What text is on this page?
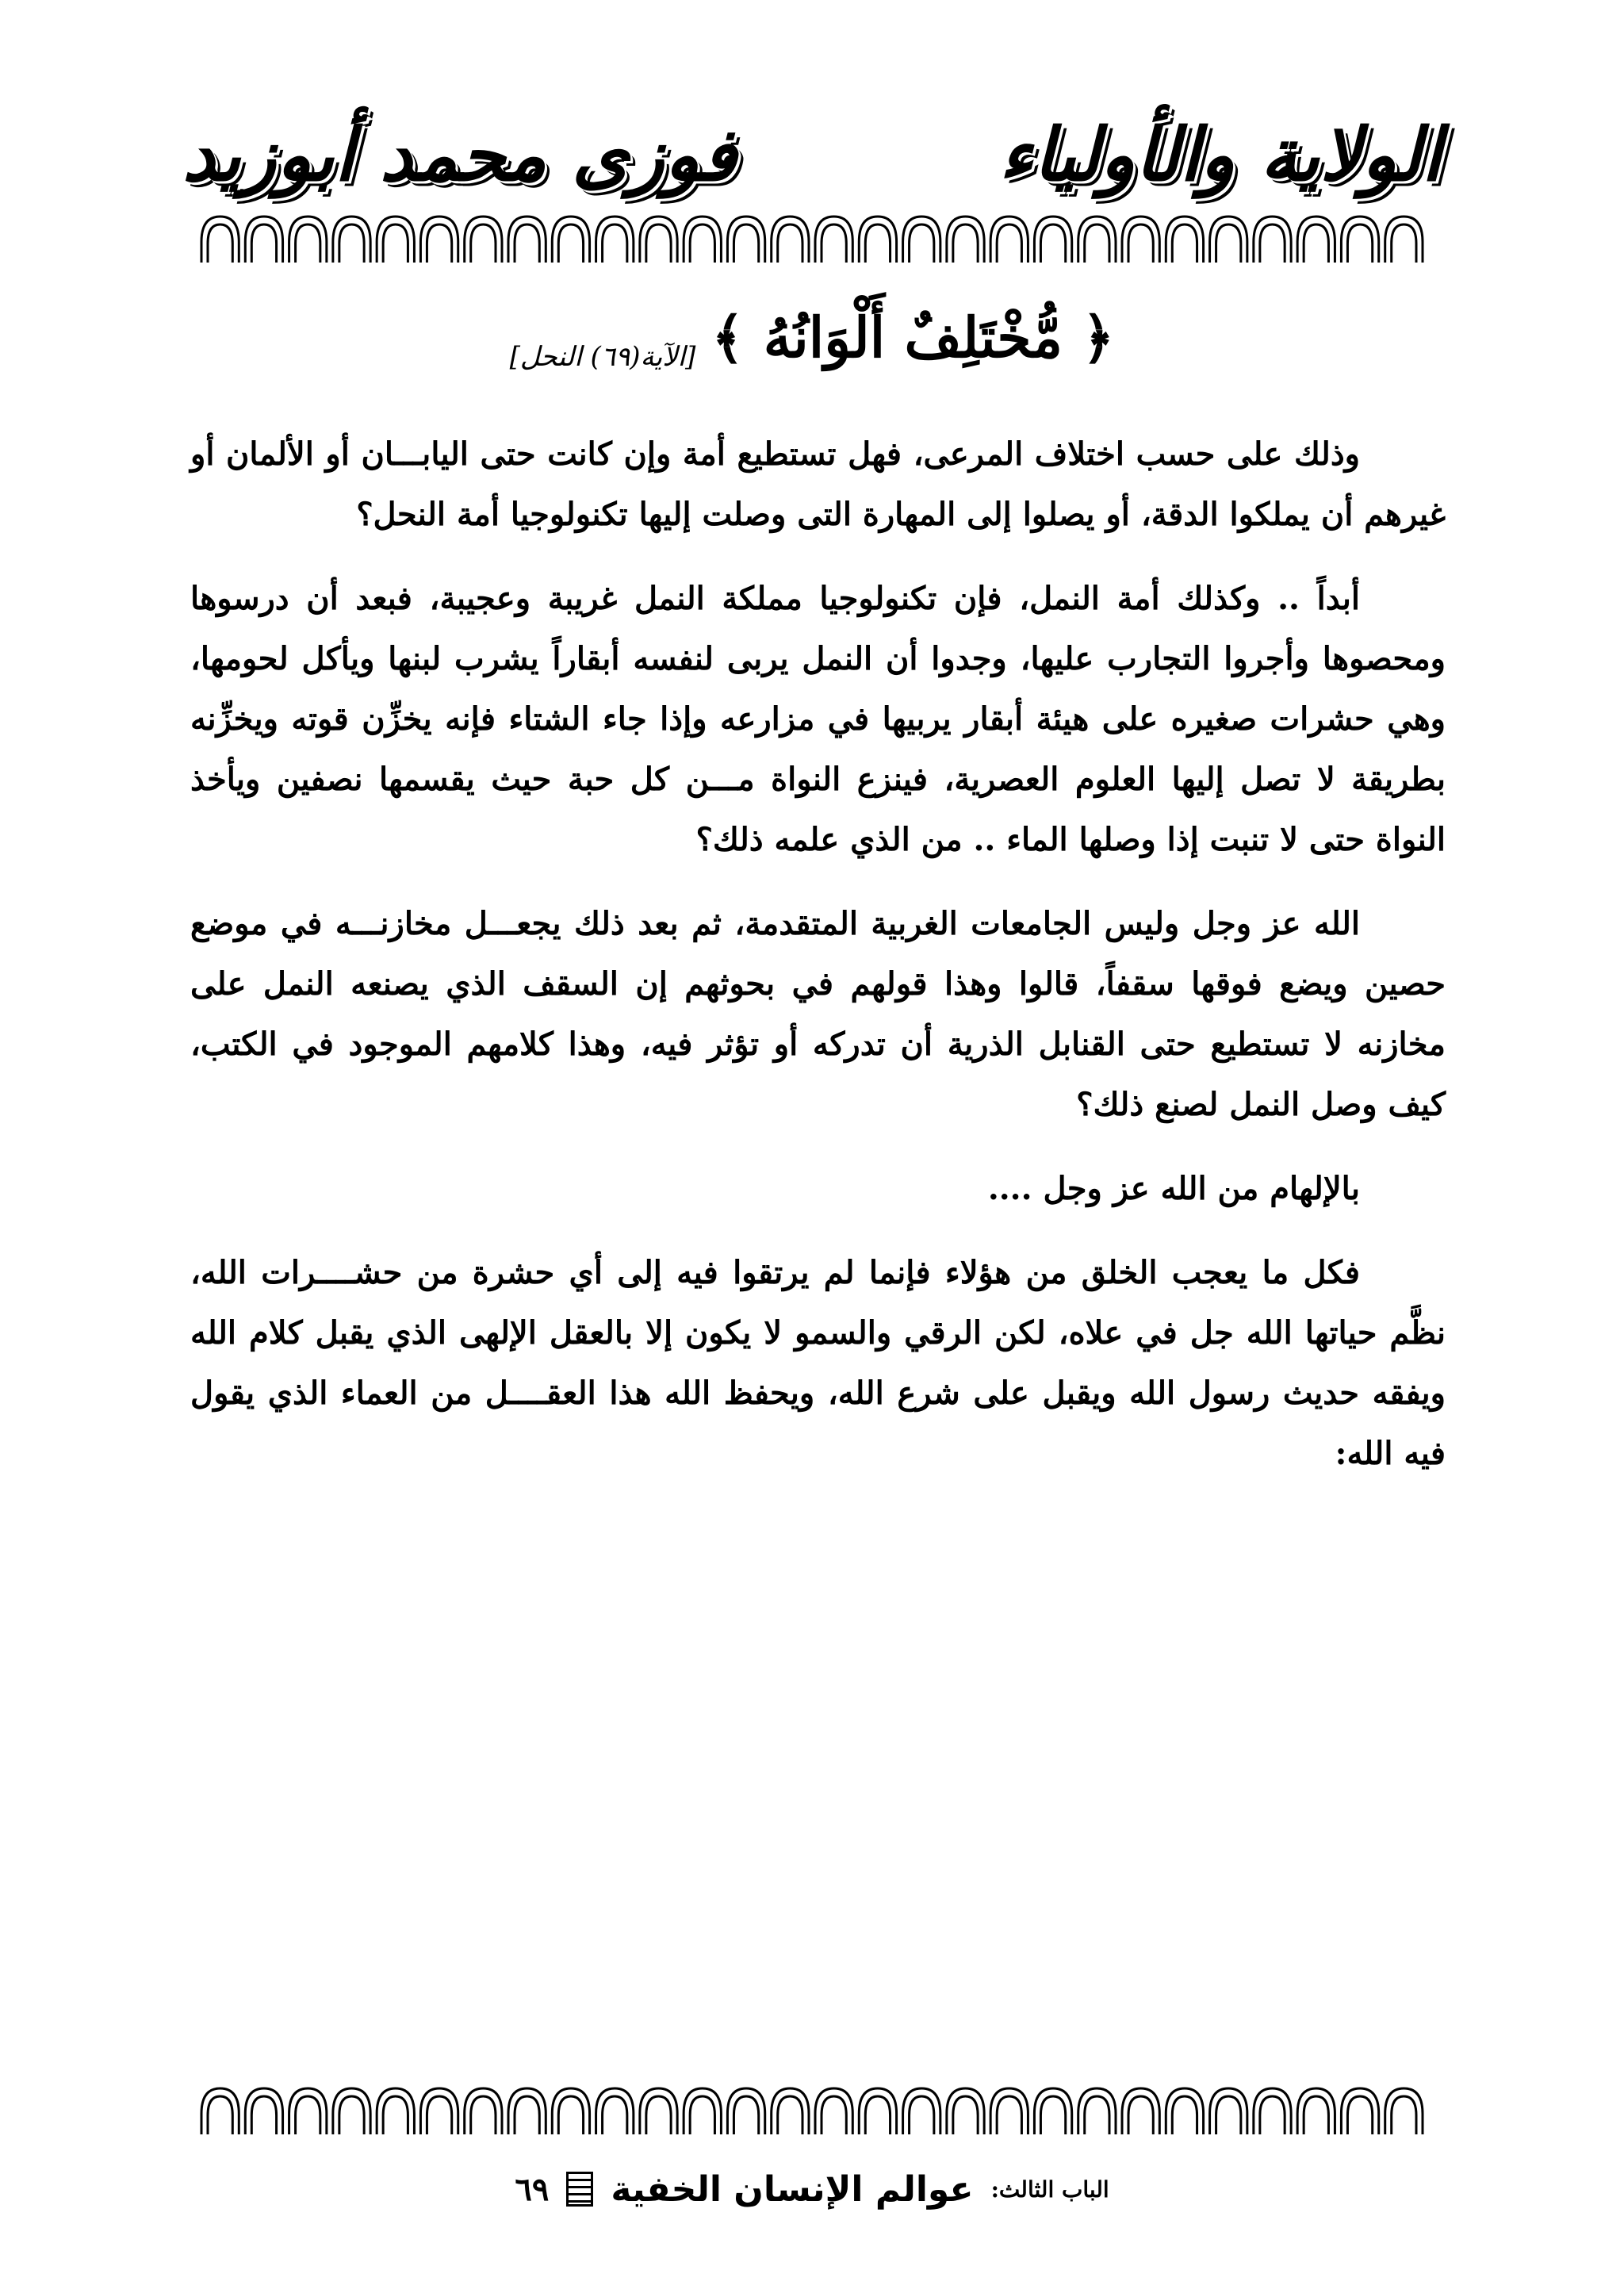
الولاية والأولياء
فوزى محمد أبوزيد
﴿ مُّخْتَلِفٌ أَلْوَانُهُ ﴾
[الآية(٦٩) النحل]

وذلك على حسب اختلاف المرعى، فهل تستطيع أمة وإن كانت حتى اليابـــان أو الألمان أو غيرهم أن يملكوا الدقة، أو يصلوا إلى المهارة التى وصلت إليها تكنولوجيا أمة النحل؟

أبداً .. وكذلك أمة النمل، فإن تكنولوجيا مملكة النمل غريبة وعجيبة، فبعد أن درسوها ومحصوها وأجروا التجارب عليها، وجدوا أن النمل يربى لنفسه أبقاراً يشرب لبنها ويأكل لحومها، وهي حشرات صغيره على هيئة أبقار يربيها في مزارعه وإذا جاء الشتاء فإنه يخزِّن قوته ويخزِّنه بطريقة لا تصل إليها العلوم العصرية، فينزع النواة مـــن كل حبة حيث يقسمها نصفين ويأخذ النواة حتى لا تنبت إذا وصلها الماء .. من الذي علمه ذلك؟

الله عز وجل وليس الجامعات الغربية المتقدمة، ثم بعد ذلك يجعـــل مخازنـــه في موضع حصين ويضع فوقها سقفاً، قالوا وهذا قولهم في بحوثهم إن السقف الذي يصنعه النمل على مخازنه لا تستطيع حتى القنابل الذرية أن تدركه أو تؤثر فيه، وهذا كلامهم الموجود في الكتب، كيف وصل النمل لصنع ذلك؟

بالإلهام من الله عز وجل ....

فكل ما يعجب الخلق من هؤلاء فإنما لم يرتقوا فيه إلى أي حشرة من حشــــرات الله، نظَّم حياتها الله جل في علاه، لكن الرقي والسمو لا يكون إلا بالعقل الإلهى الذي يقبل كلام الله ويفقه حديث رسول الله ويقبل على شرع الله، ويحفظ الله هذا العقــــل من العماء الذي يقول فيه الله:

الباب الثالث:
عوالم الإنسان الخفية
٦٩
